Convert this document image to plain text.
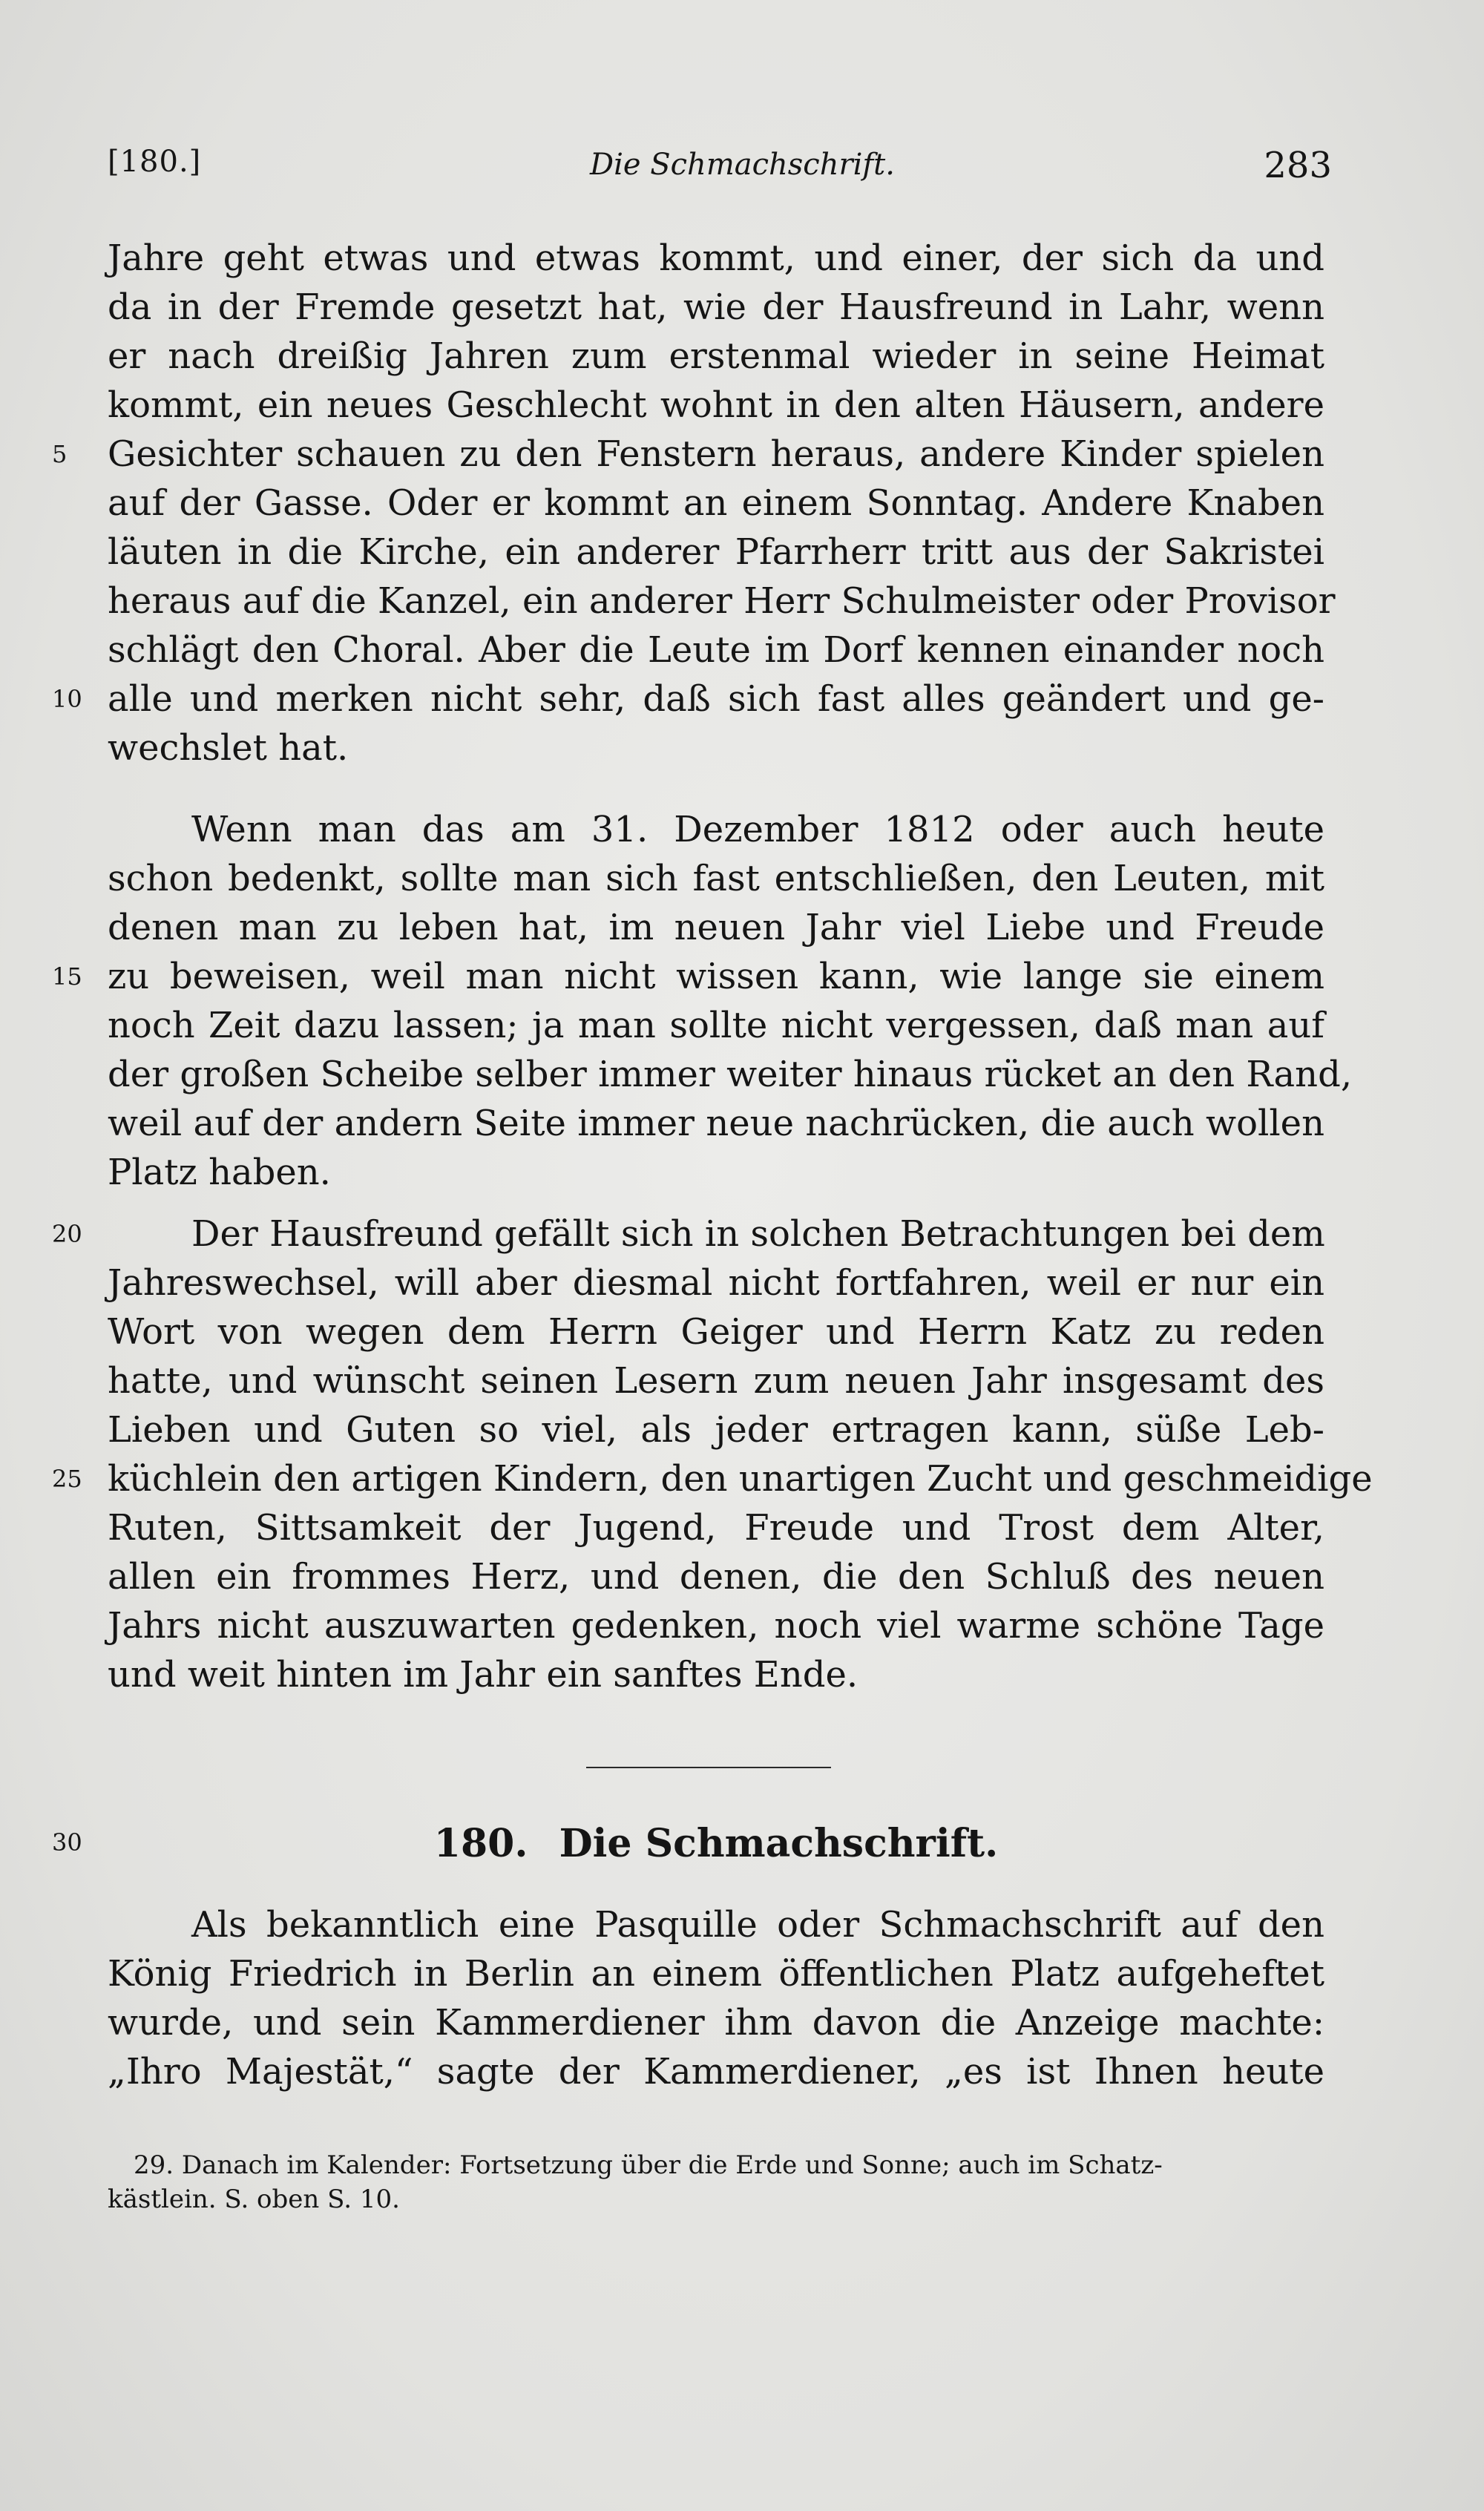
[180.]	Die Schmachschrift.	283
Jahre geht etwas und etwas kommt, und einer, der sich da und
da in der Fremde gesetzt hat, wie der Hausfreund in Lahr, wenn
er nach dreißig Jahren zum erstenmal wieder in seine Heimat
kommt, ein neues Geschlecht wohnt in den alten Häusern, andere
Gesichter schauen zu den Fenstern heraus, andere Kinder spielen
auf der Gasse. Oder er kommt an einem Sonntag. Andere Knaben
läuten in die Kirche, ein anderer Pfarrherr tritt aus der Sakristei
heraus auf die Kanzel, ein anderer Herr Schulmeister oder Provisor
schlägt den Choral. Aber die Leute im Dorf kennen einander noch
alle und merken nicht sehr, daß sich fast alles geändert und ge-
wechslet hat.
Wenn man das am 31. Dezember 1812 oder auch heute
schon bedenkt, sollte man sich fast entschließen, den Leuten, mit
denen man zu leben hat, im neuen Jahr viel Liebe und Freude
zu beweisen, weil man nicht wissen kann, wie lange sie einem
noch Zeit dazu lassen; ja man sollte nicht vergessen, daß man auf
der großen Scheibe selber immer weiter hinaus rücket an den Rand,
weil auf der andern Seite immer neue nachrücken, die auch wollen
Platz haben.
Der Hausfreund gefällt sich in solchen Betrachtungen bei dem
Jahreswechsel, will aber diesmal nicht fortfahren, weil er nur ein
Wort von wegen dem Herrn Geiger und Herrn Katz zu reden
hatte, und wünscht seinen Lesern zum neuen Jahr insgesamt des
Lieben und Guten so viel, als jeder ertragen kann, süße Leb-
küchlein den artigen Kindern, den unartigen Zucht und geschmeidige
Ruten, Sittsamkeit der Jugend, Freude und Trost dem Alter,
allen ein frommes Herz, und denen, die den Schluß des neuen
Jahrs nicht auszuwarten gedenken, noch viel warme schöne Tage
und weit hinten im Jahr ein sanftes Ende.
180. Die Schmachschrift.
Als bekanntlich eine Pasquille oder Schmachschrift auf den
König Friedrich in Berlin an einem öffentlichen Platz aufgeheftet
wurde, und sein Kammerdiener ihm davon die Anzeige machte:
„Ihro Majestät,“ sagte der Kammerdiener, „es ist Ihnen heute
29. Danach im Kalender: Fortsetzung über die Erde und Sonne; auch im Schatz-
kästlein. S. oben S. 10.
5
10
15
20
25
30
